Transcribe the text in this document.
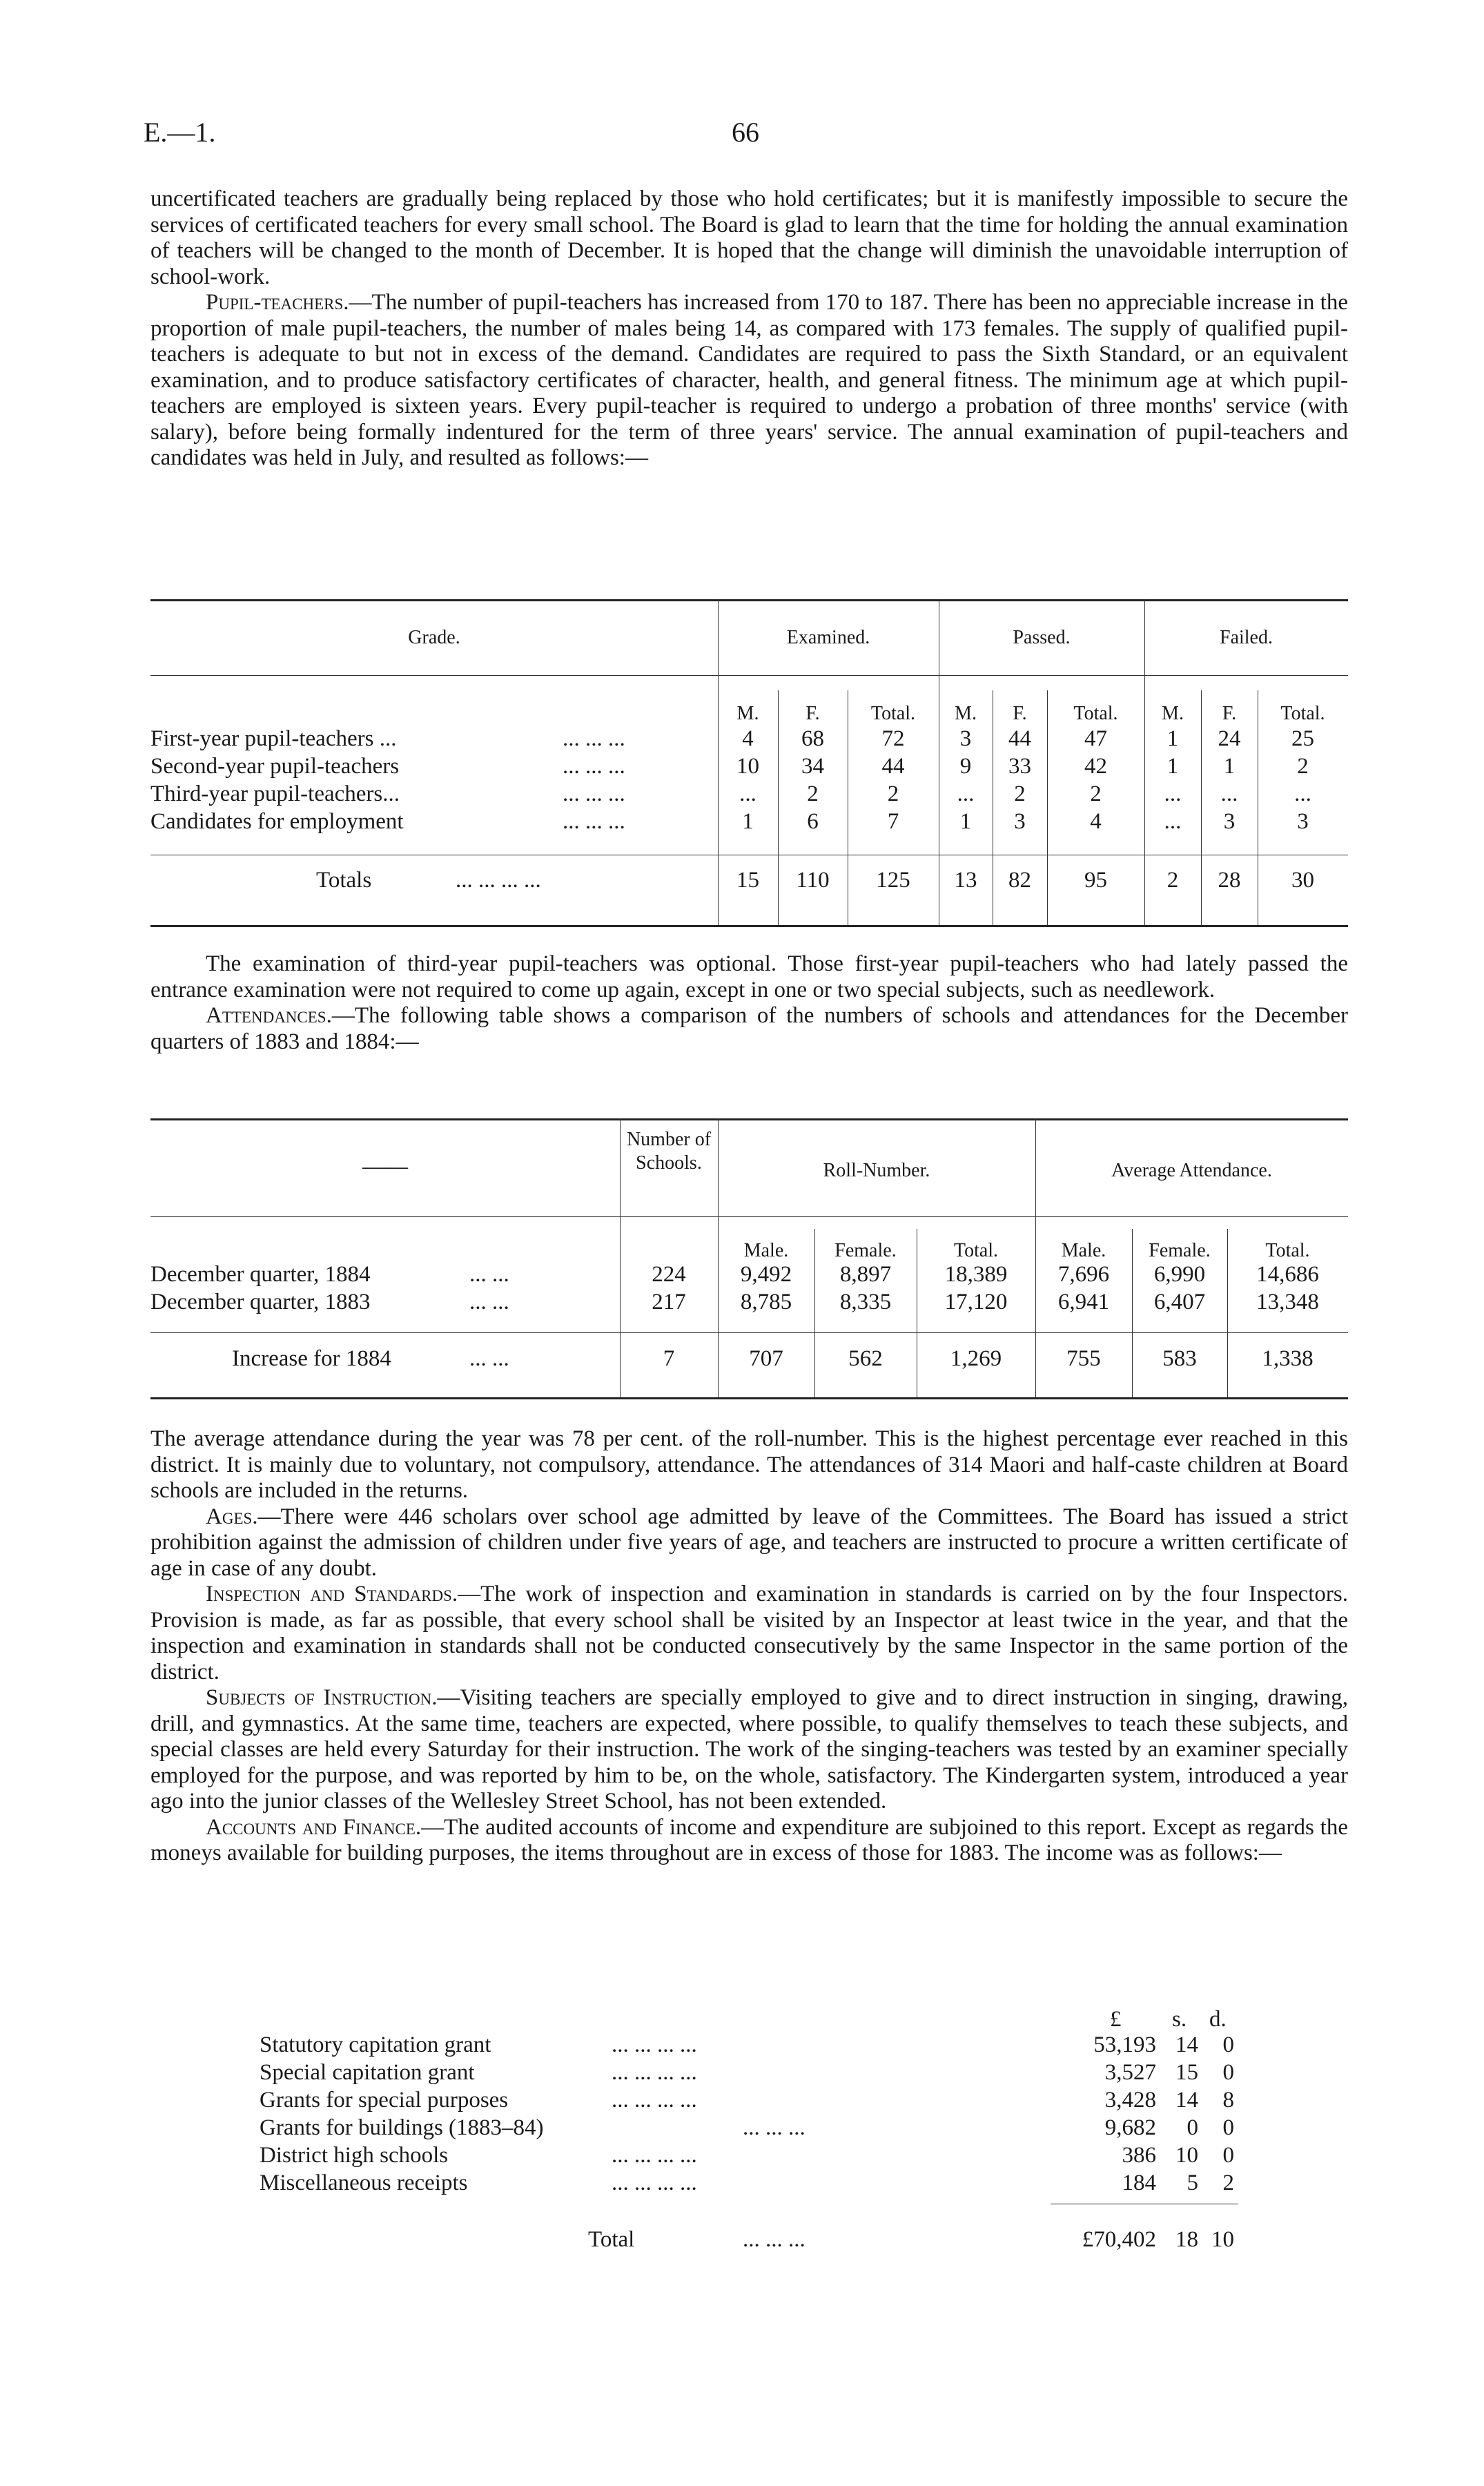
E.—1.	66

uncertificated teachers are gradually being replaced by those who hold certificates; but it is manifestly impossible to secure the services of certificated teachers for every small school. The Board is glad to learn that the time for holding the annual examination of teachers will be changed to the month of December. It is hoped that the change will diminish the unavoidable interruption of school-work.

Pupil-teachers.—The number of pupil-teachers has increased from 170 to 187. There has been no appreciable increase in the proportion of male pupil-teachers, the number of males being 14, as compared with 173 females. The supply of qualified pupil-teachers is adequate to but not in excess of the demand. Candidates are required to pass the Sixth Standard, or an equivalent examination, and to produce satisfactory certificates of character, health, and general fitness. The minimum age at which pupil-teachers are employed is sixteen years. Every pupil-teacher is required to undergo a probation of three months' service (with salary), before being formally indentured for the term of three years' service. The annual examination of pupil-teachers and candidates was held in July, and resulted as follows:—

Grade.	Examined.	Passed.	Failed.
M.	F.	Total.	M.	F.	Total.	M.	F.	Total.
First-year pupil-teachers ...	... ... ...	4	68	72	3	44	47	1	24	25
Second-year pupil-teachers	... ... ...	10	34	44	9	33	42	1	1	2
Third-year pupil-teachers...	... ... ...	...	2	2	...	2	2	...	...	...
Candidates for employment	... ... ...	1	6	7	1	3	4	...	3	3
Totals	... ... ... ...	15	110	125	13	82	95	2	28	30

The examination of third-year pupil-teachers was optional. Those first-year pupil-teachers who had lately passed the entrance examination were not required to come up again, except in one or two special subjects, such as needlework.

Attendances.—The following table shows a comparison of the numbers of schools and attendances for the December quarters of 1883 and 1884:—

——
Number of Schools.	Roll-Number.	Average Attendance.
Male.	Female.	Total.	Male.	Female.	Total.
December quarter, 1884	... ...	224	9,492	8,897	18,389	7,696	6,990	14,686
December quarter, 1883	... ...	217	8,785	8,335	17,120	6,941	6,407	13,348
Increase for 1884	... ...	7	707	562	1,269	755	583	1,338

The average attendance during the year was 78 per cent. of the roll-number. This is the highest percentage ever reached in this district. It is mainly due to voluntary, not compulsory, attendance. The attendances of 314 Maori and half-caste children at Board schools are included in the returns.

Ages.—There were 446 scholars over school age admitted by leave of the Committees. The Board has issued a strict prohibition against the admission of children under five years of age, and teachers are instructed to procure a written certificate of age in case of any doubt.

Inspection and Standards.—The work of inspection and examination in standards is carried on by the four Inspectors. Provision is made, as far as possible, that every school shall be visited by an Inspector at least twice in the year, and that the inspection and examination in standards shall not be conducted consecutively by the same Inspector in the same portion of the district.

Subjects of Instruction.—Visiting teachers are specially employed to give and to direct instruction in singing, drawing, drill, and gymnastics. At the same time, teachers are expected, where possible, to qualify themselves to teach these subjects, and special classes are held every Saturday for their instruction. The work of the singing-teachers was tested by an examiner specially employed for the purpose, and was reported by him to be, on the whole, satisfactory. The Kindergarten system, introduced a year ago into the junior classes of the Wellesley Street School, has not been extended.

Accounts and Finance.—The audited accounts of income and expenditure are subjoined to this report. Except as regards the moneys available for building purposes, the items throughout are in excess of those for 1883. The income was as follows:—

£ s. d.
Statutory capitation grant	... ... ... ...	53,193 14	0
Special capitation grant	... ... ... ...	3,527 15	0
Grants for special purposes	... ... ... ...	3,428 14	8
Grants for buildings (1883–84)	... ... ...	9,682	0	0
District high schools	... ... ... ...	386 10	0
Miscellaneous receipts	... ... ... ...	184	5	2
Total	... ... ...	£70,402 18 10
